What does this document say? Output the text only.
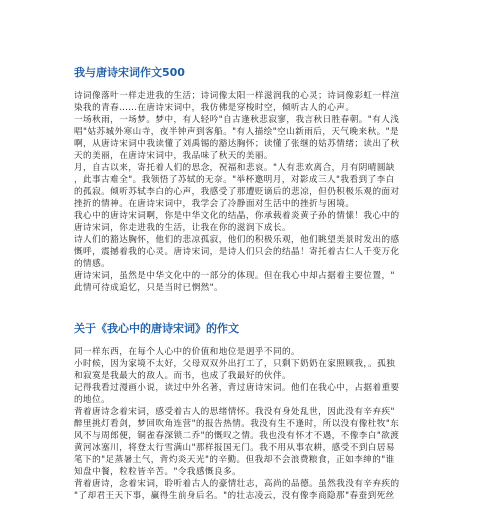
我与唐诗宋词作文500
诗词像落叶一样走进我的生活；诗词像太阳一样滋润我的心灵；诗词像彩虹一样渲
染我的青春……在唐诗宋词中，我仿佛是穿梭时空，倾听古人的心声。
一场秋雨，一场梦。梦中，有人轻吟"自古逢秋悲寂寥，我言秋日胜春朝。"有人浅
唱"姑苏城外寒山寺，夜半钟声到客船。"有人描绘"空山新雨后，天气晚来秋。"是
啊，从唐诗宋词中我读懂了刘禹锡的豁达胸怀；读懂了张继的姑苏情绪；读出了秋
天的美丽，在唐诗宋词中，我品味了秋天的美丽。
月，自古以来，寄托着人们的思念，祝福和悲哀。"人有悲欢离合，月有阴晴圆缺
，此事古难全"。我领悟了苏轼的无奈。"举杯邀明月，对影成三人"我看到了李白
的孤寂。倾听苏轼李白的心声，我感受了那遭贬谪后的悲凉，但仍积极乐观的面对
挫折的情神。在唐诗宋词中，我学会了冷静面对生活中的挫折与困境。
我心中的唐诗宋词啊，你是中华文化的结晶，你承载着炎黄子孙的情愫！我心中的
唐诗宋词，你走进我的生活，让我在你的滋润下成长。
诗人们的豁达胸怀，他们的悲凉孤寂，他们的积极乐观，他们眺望美景时发出的感
慨呼，震撼着我的心灵。唐诗宋词，是诗人们只会的结晶！寄托着古仁人千变万化
的情感。
唐诗宋词，虽然是中华文化中的一部分的体现。但在我心中却占据着主要位置，"
此情可待成追忆，只是当时已惘然"。
关于《我心中的唐诗宋词》的作文
同一样东西，在每个人心中的价值和地位是迥乎不同的。
小时候，因为家境不太好，父母双双外出打工了，只剩下奶奶在家照顾我，。孤独
和寂寞是我最大的敌人。而书，也成了我最好的伙伴。
记得我看过漫画小说，读过中外名著，背过唐诗宋词。他们在我心中，占据着重要
的地位。
背着唐诗念着宋词，感受着古人的思绪情怀。我没有身处乱世，因此没有辛弃疾"
醉里挑灯看剑，梦回吹角连营"的报告热情。我没有生不逢时，所以没有像杜牧"东
风不与周郎便，铜雀春深锁二乔"的慨叹之情。我也没有怀才不遇，不像李白"欲渡
黄河冰塞川，将登太行雪满山"那样报国无门。我不用从事农耕，感受不到白居易
笔下的"足蒸暑土气，背灼炎天光"的辛勤。但我却不会浪费粮食，正如李绅的"谁
知盘中餐，粒粒皆辛苦。"令我感慨良多。
背着唐诗，念着宋词，聆听着古人的豪情壮志，高尚的品德。虽然我没有辛弃疾的
"了却君王天下事，赢得生前身后名。"的壮志凌云，没有像李商隐那"春蚕到死丝
